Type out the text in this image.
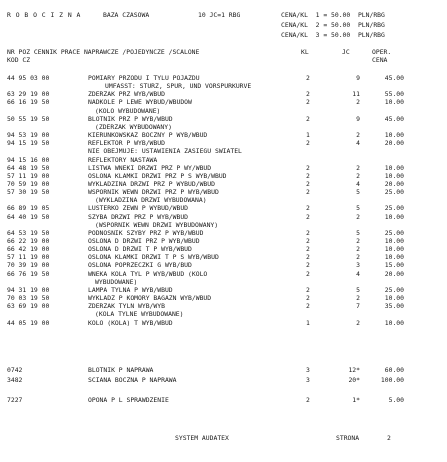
R O B O C I Z N A	BAZA CZASOWA	10 JC=1 RBG	CENA/KL  1 = 50.00  PLN/RBG
CENA/KL  2 = 50.00  PLN/RBG
CENA/KL  3 = 50.00  PLN/RBG
NR POZ CENNIK PRACE NAPRAWCZE /POJEDYNCZE /SCALONE
KOD CZ
KL	JC	OPER.
CENA
44 95 03 00	POMIARY PRZODU I TYLU POJAZDU	2	9	45.00
UMFASST: STURZ, SPUR, UND VORSPURKURVE
63 29 19 00	ZDERZAK PRZ WYB/WBUD	2	11	55.00
66 16 19 50	NADKOLE P LEWE WYBUD/WBUDOW	2	2	10.00
(KOLO WYBUDOWANE)
50 55 19 50	BLOTNIK PRZ P WYB/WBUD	2	9	45.00
(ZDERZAK WYBUDOWANY)
94 53 19 00	KIERUNKOWSKAZ BOCZNY P WYB/WBUD	1	2	10.00
94 15 19 50	REFLEKTOR P WYB/WBUD	2	4	20.00
NIE OBEJMUJE: USTAWIENIA ZASIEGU SWIATEL
94 15 16 00	REFLEKTORY NASTAWA
64 48 19 50	LISTWA WNEKI DRZWI PRZ P WY/WBUD	2	2	10.00
57 11 19 00	OSLONA KLAMKI DRZWI PRZ P S WYB/WBUD	2	2	10.00
70 59 19 00	WYKLADZINA DRZWI PRZ P WYBUD/WBUD	2	4	20.00
57 30 19 50	WSPORNIK WEWN DRZWI PRZ P WYB/WBUD	2	5	25.00
(WYKLADZINA DRZWI WYBUDOWANA)
66 89 19 05	LUSTERKO ZEWN P WYBUD/WBUD	2	5	25.00
64 40 19 50	SZYBA DRZWI PRZ P WYB/WBUD	2	2	10.00
(WSPORNIK WEWN DRZWI WYBUDOWANY)
64 53 19 50	PODNOSNIK SZYBY PRZ P WYB/WBUD	2	5	25.00
66 22 19 00	OSLONA D DRZWI PRZ P WYB/WBUD	2	2	10.00
66 42 19 00	OSLONA D DRZWI T P WYB/WBUD	2	2	10.00
57 11 19 00	OSLONA KLAMKI DRZWI T P S WYB/WBUD	2	2	10.00
70 39 19 00	OSLONA POPRZECZKI G WYB/BUD	2	3	15.00
66 76 19 50	WNEKA KOLA TYL P WYB/WBUD (KOLO	2	4	20.00
WYBUDOWANE)
94 31 19 00	LAMPA TYLNA P WYB/WBUD	2	5	25.00
70 03 19 50	WYKLADZ P KOMORY BAGAZN WYB/WBUD	2	2	10.00
63 69 19 00	ZDERZAK TYLN WYB/WYB	2	7	35.00
(KOLA TYLNE WYBUDOWANE)
44 05 19 00	KOLO (KOLA) T WYB/WBUD	1	2	10.00
0742	BLOTNIK P NAPRAWA	3	12*	60.00
3482	SCIANA BOCZNA P NAPRAWA	3	20*	100.00
7227	OPONA P L SPRAWDZENIE	2	1*	5.00
SYSTEM AUDATEX	STRONA	2
